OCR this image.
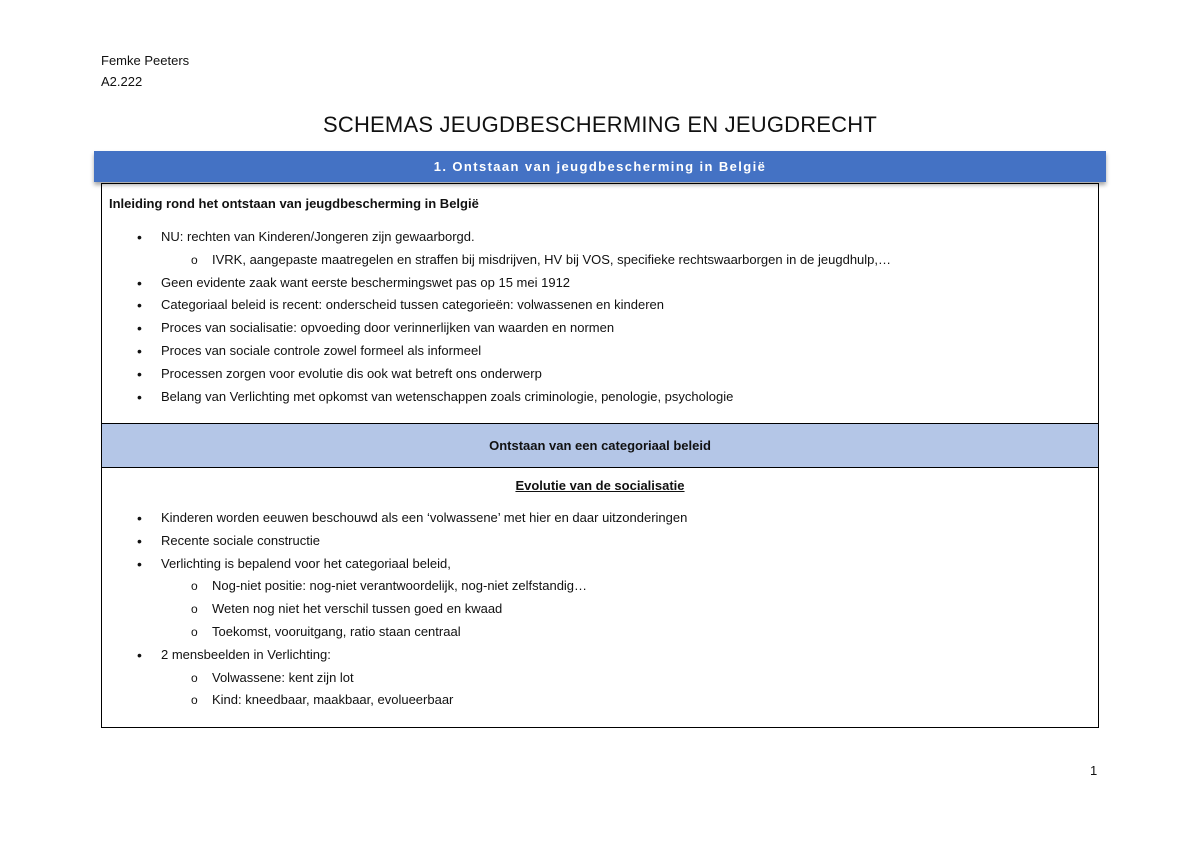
Femke Peeters
A2.222
SCHEMAS JEUGDBESCHERMING EN JEUGDRECHT
1. Ontstaan van jeugdbescherming in België
Inleiding rond het ontstaan van jeugdbescherming in België
• NU: rechten van Kinderen/Jongeren zijn gewaarborgd.
o IVRK, aangepaste maatregelen en straffen bij misdrijven, HV bij VOS, specifieke rechtswaarborgen in de jeugdhulp,…
• Geen evidente zaak want eerste beschermingswet pas op 15 mei 1912
• Categoriaal beleid is recent: onderscheid tussen categorieën: volwassenen en kinderen
• Proces van socialisatie: opvoeding door verinnerlijken van waarden en normen
• Proces van sociale controle zowel formeel als informeel
• Processen zorgen voor evolutie dis ook wat betreft ons onderwerp
• Belang van Verlichting met opkomst van wetenschappen zoals criminologie, penologie, psychologie
Ontstaan van een categoriaal beleid
Evolutie van de socialisatie
• Kinderen worden eeuwen beschouwd als een ‘volwassene’ met hier en daar uitzonderingen
• Recente sociale constructie
• Verlichting is bepalend voor het categoriaal beleid,
o Nog-niet positie: nog-niet verantwoordelijk, nog-niet zelfstandig…
o Weten nog niet het verschil tussen goed en kwaad
o Toekomst, vooruitgang, ratio staan centraal
• 2 mensbeelden in Verlichting:
o Volwassene: kent zijn lot
o Kind: kneedbaar, maakbaar, evolueerbaar
1
